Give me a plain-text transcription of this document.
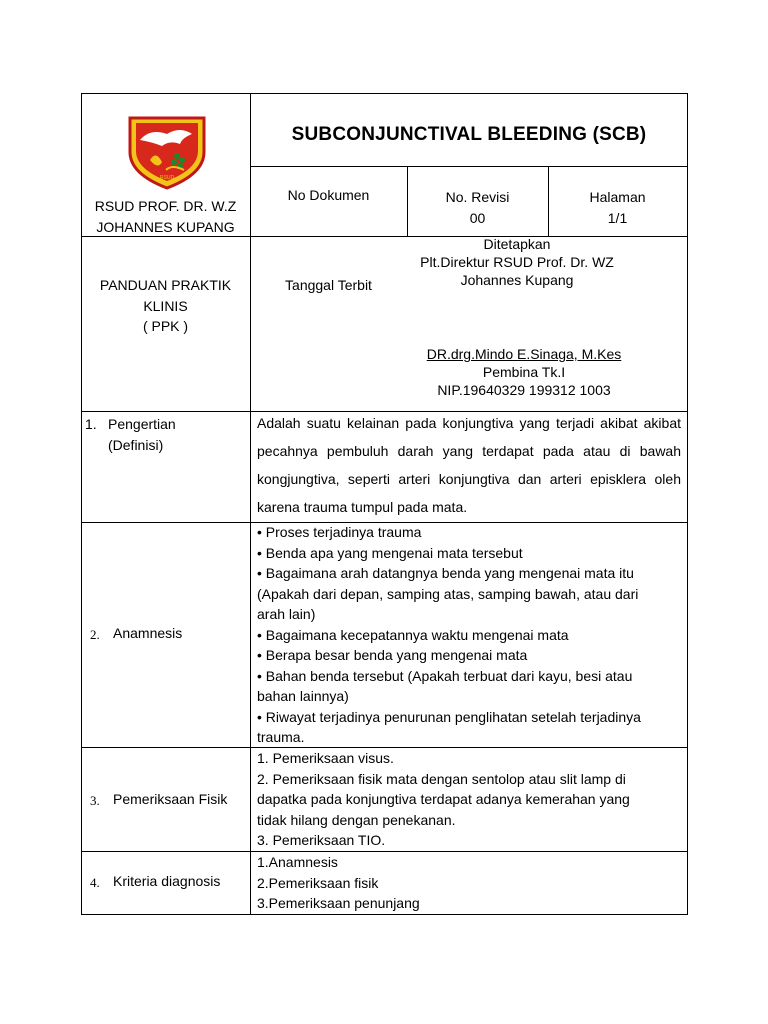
RSUD
RSUD PROF. DR. W.Z
JOHANNES KUPANG
SUBCONJUNCTIVAL BLEEDING (SCB)
No Dokumen	No. Revisi
00
Halaman
1/1
PANDUAN PRAKTIK
KLINIS
( PPK )
Tanggal Terbit
Ditetapkan
Plt.Direktur RSUD Prof. Dr. WZ
Johannes Kupang
DR.drg.Mindo E.Sinaga, M.Kes
Pembina Tk.I
NIP.19640329 199312 1003
1. Pengertian
(Definisi)
Adalah suatu kelainan pada konjungtiva yang terjadi akibat akibat pecahnya pembuluh darah yang terdapat pada atau di bawah kongjungtiva, seperti arteri konjungtiva dan arteri episklera oleh karena trauma tumpul pada mata.
2. Anamnesis
• Proses terjadinya trauma
• Benda apa yang mengenai mata tersebut
• Bagaimana arah datangnya benda yang mengenai mata itu
(Apakah dari depan, samping atas, samping bawah, atau dari
arah lain)
• Bagaimana kecepatannya waktu mengenai mata
• Berapa besar benda yang mengenai mata
• Bahan benda tersebut (Apakah terbuat dari kayu, besi atau
bahan lainnya)
• Riwayat terjadinya penurunan penglihatan setelah terjadinya
trauma.
3. Pemeriksaan Fisik
1. Pemeriksaan visus.
2. Pemeriksaan fisik mata dengan sentolop atau slit lamp di
dapatka pada konjungtiva terdapat adanya kemerahan yang
tidak hilang dengan penekanan.
3. Pemeriksaan TIO.
4. Kriteria diagnosis
1.Anamnesis
2.Pemeriksaan fisik
3.Pemeriksaan penunjang
